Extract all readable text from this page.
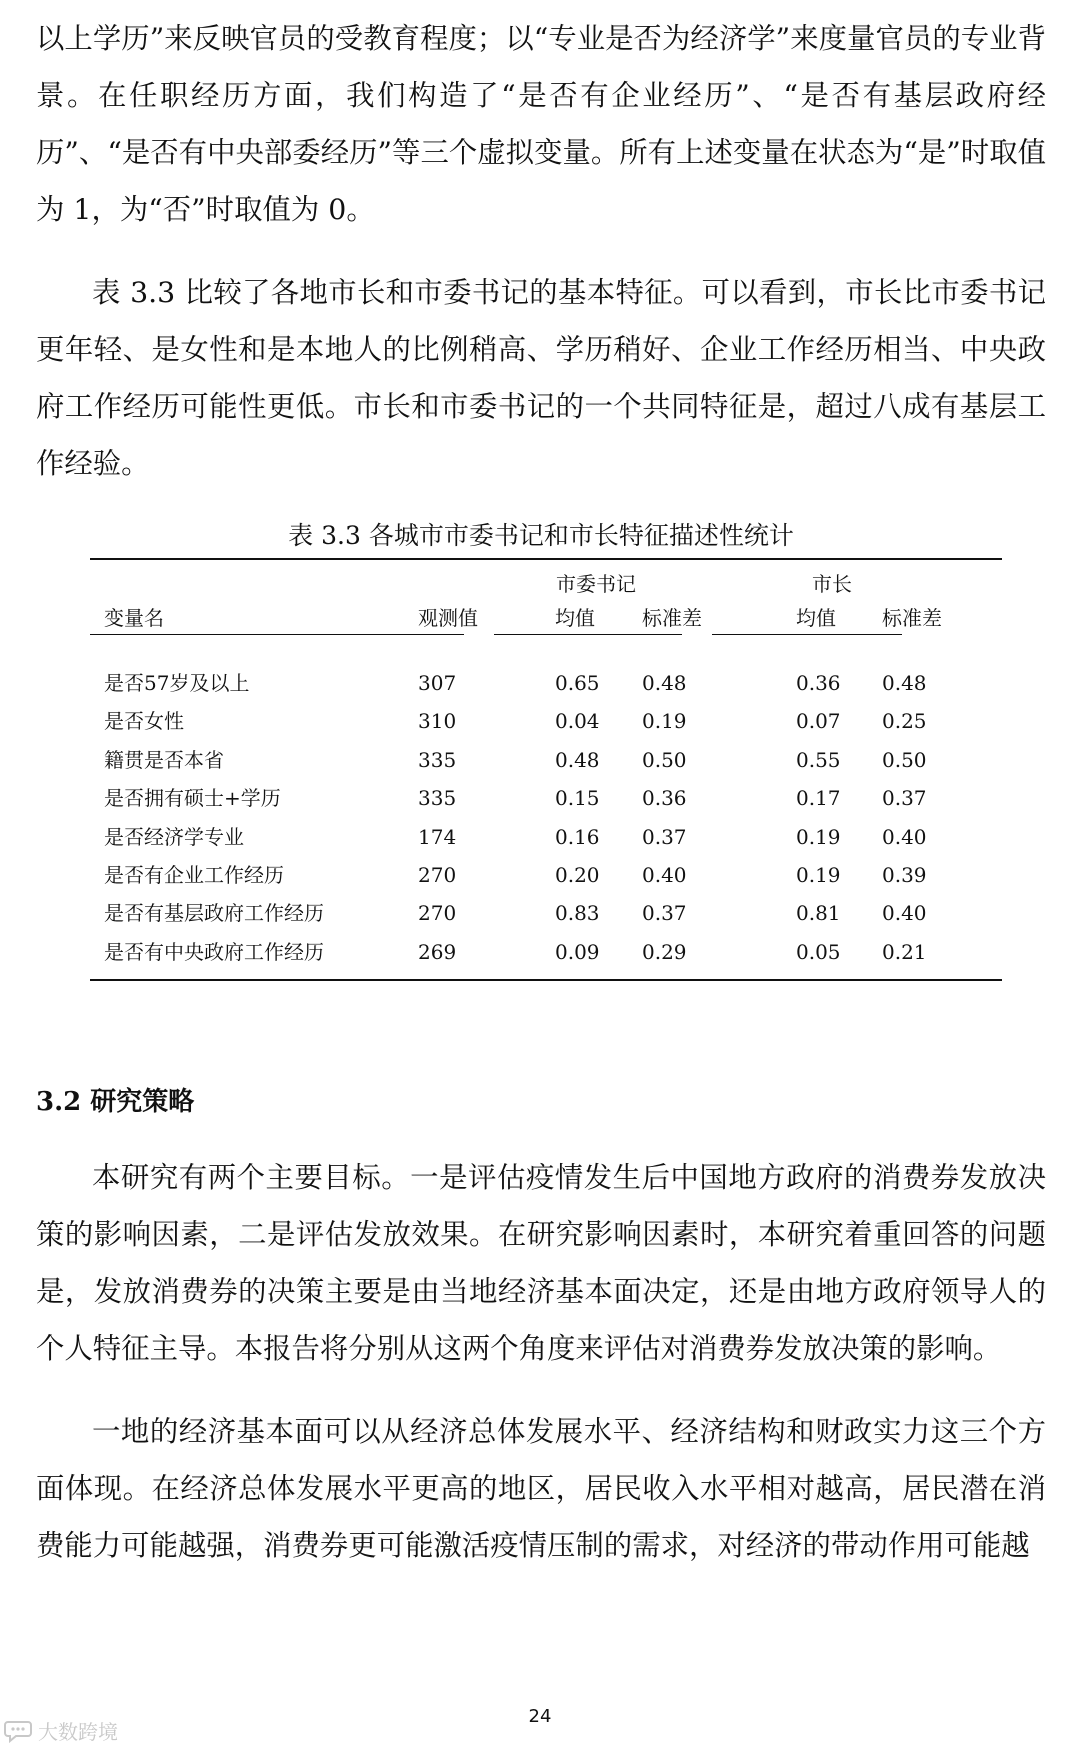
以上学历”来反映官员的受教育程度；以“专业是否为经济学”来度量官员的专业背景。在任职经历方面，我们构造了“是否有企业经历”、“是否有基层政府经历”、“是否有中央部委经历”等三个虚拟变量。所有上述变量在状态为“是”时取值为 1，为“否”时取值为 0。

表 3.3 比较了各地市长和市委书记的基本特征。可以看到，市长比市委书记更年轻、是女性和是本地人的比例稍高、学历稍好、企业工作经历相当、中央政府工作经历可能性更低。市长和市委书记的一个共同特征是，超过八成有基层工作经验。

表 3.3 各城市市委书记和市长特征描述性统计
市委书记	市长
变量名	观测值	均值 标准差	均值 标准差
是否57岁及以上	307	0.65 0.48	0.36 0.48
是否女性	310	0.04 0.19	0.07 0.25
籍贯是否本省	335	0.48 0.50	0.55 0.50
是否拥有硕士+学历	335	0.15 0.36	0.17 0.37
是否经济学专业	174	0.16 0.37	0.19 0.40
是否有企业工作经历	270	0.20 0.40	0.19 0.39
是否有基层政府工作经历	270	0.83 0.37	0.81 0.40
是否有中央政府工作经历	269	0.09 0.29	0.05 0.21
3.2 研究策略

本研究有两个主要目标。一是评估疫情发生后中国地方政府的消费券发放决策的影响因素，二是评估发放效果。在研究影响因素时，本研究着重回答的问题是，发放消费券的决策主要是由当地经济基本面决定，还是由地方政府领导人的个人特征主导。本报告将分别从这两个角度来评估对消费券发放决策的影响。

一地的经济基本面可以从经济总体发展水平、经济结构和财政实力这三个方面体现。在经济总体发展水平更高的地区，居民收入水平相对越高，居民潜在消费能力可能越强，消费券更可能激活疫情压制的需求，对经济的带动作用可能越

24
大数跨境
